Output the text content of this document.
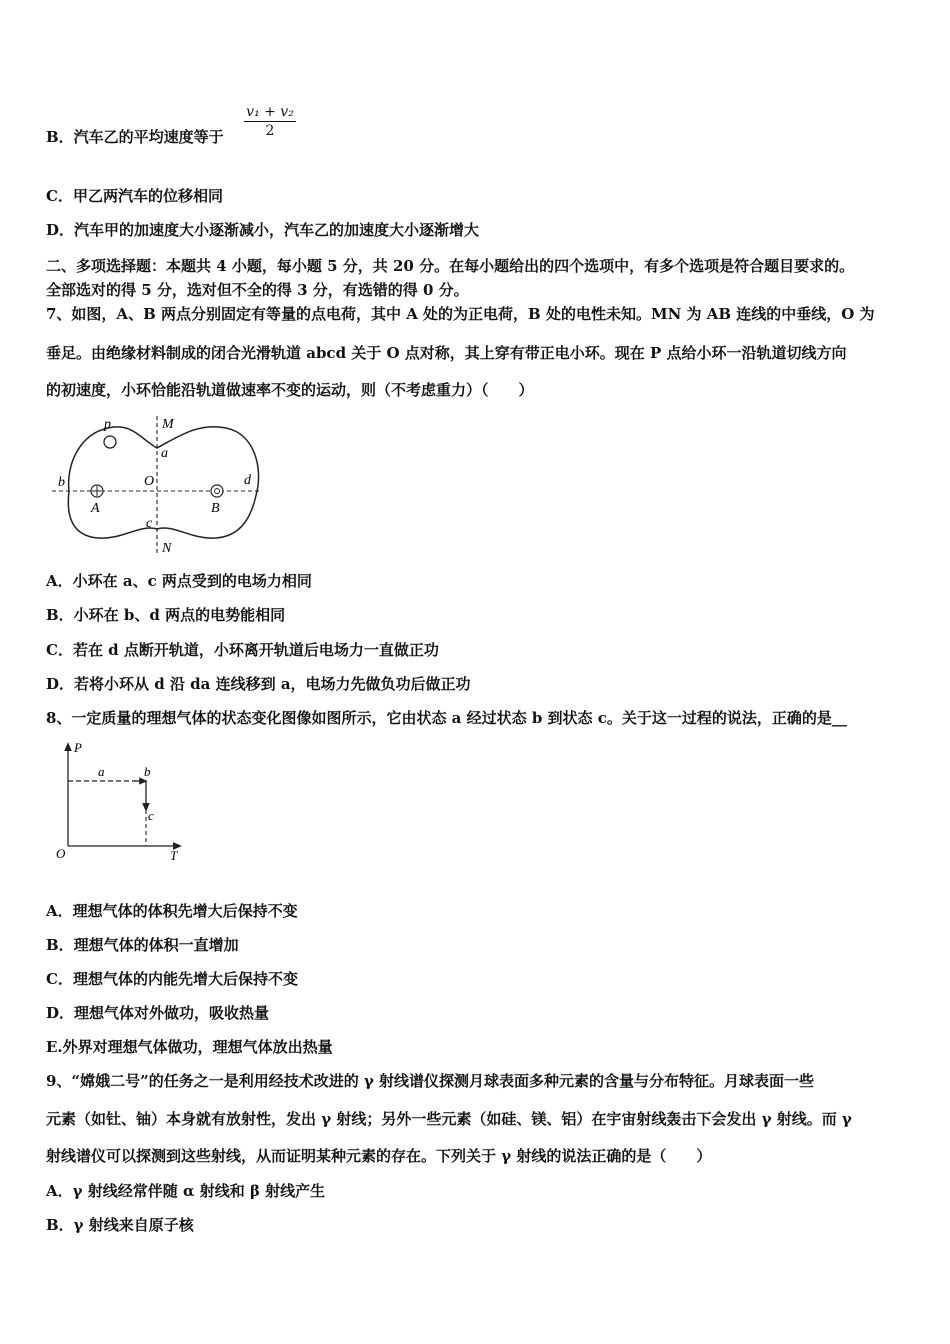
B．汽车乙的平均速度等于 $\frac{\text{v₁ + v₂}}{2}$
C．甲乙两汽车的位移相同
D．汽车甲的加速度大小逐渐减小，汽车乙的加速度大小逐渐增大
二、多项选择题：本题共 4 小题，每小题 5 分，共 20 分。在每小题给出的四个选项中，有多个选项是符合题目要求的。
全部选对的得 5 分，选对但不全的得 3 分，有选错的得 0 分。
7、如图，A、B 两点分别固定有等量的点电荷，其中 A 处的为正电荷，B 处的电性未知。MN 为 AB 连线的中垂线，O 为
垂足。由绝缘材料制成的闭合光滑轨道 abcd 关于 O 点对称，其上穿有带正电小环。现在 P 点给小环一沿轨道切线方向
的初速度，小环恰能沿轨道做速率不变的运动，则（不考虑重力）（　　）
p	M
a
b	O	d
A	B
c
N
A．小环在 a、c 两点受到的电场力相同
B．小环在 b、d 两点的电势能相同
C．若在 d 点断开轨道，小环离开轨道后电场力一直做正功
D．若将小环从 d 沿 da 连线移到 a，电场力先做负功后做正功
8、一定质量的理想气体的状态变化图像如图所示，它由状态 a 经过状态 b 到状态 c。关于这一过程的说法，正确的是__
P
a	b
c
O	T
A．理想气体的体积先增大后保持不变
B．理想气体的体积一直增加
C．理想气体的内能先增大后保持不变
D．理想气体对外做功，吸收热量
E.外界对理想气体做功，理想气体放出热量
9、“嫦娥二号”的任务之一是利用经技术改进的 γ 射线谱仪探测月球表面多种元素的含量与分布特征。月球表面一些
元素（如钍、铀）本身就有放射性，发出 γ 射线；另外一些元素（如硅、镁、铝）在宇宙射线轰击下会发出 γ 射线。而 γ
射线谱仪可以探测到这些射线，从而证明某种元素的存在。下列关于 γ 射线的说法正确的是（　　）
A．γ 射线经常伴随 α 射线和 β 射线产生
B．γ 射线来自原子核
